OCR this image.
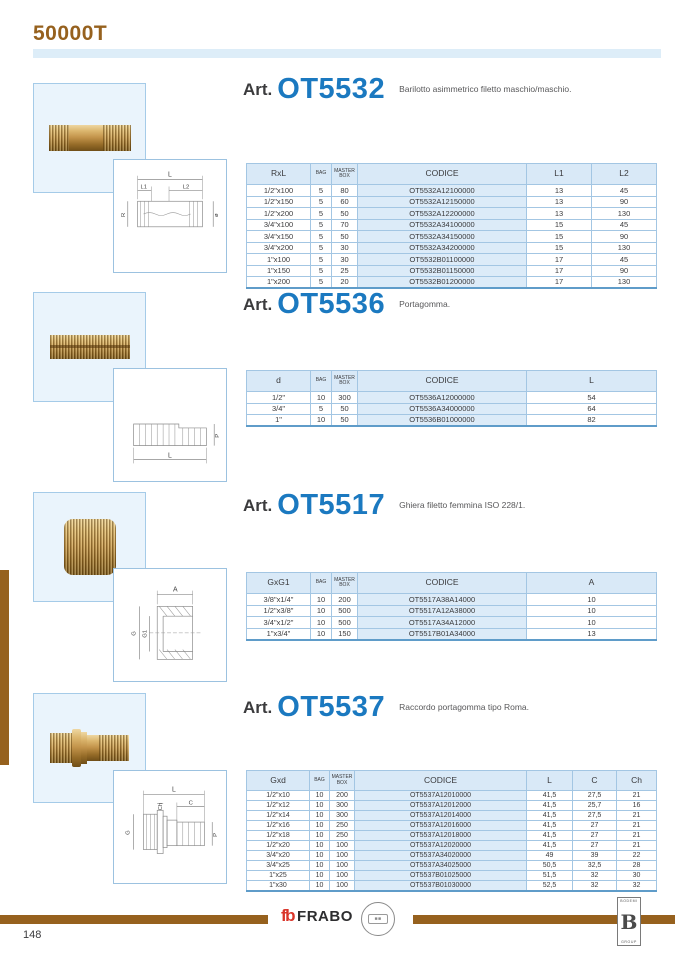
50000T
L
L1	L2
R	ø
Art. OT5532 Barilotto asimmetrico filetto maschio/maschio.
RxL	BAG	MASTER BOX	CODICE	L1	L2
1/2"x100	5	80	OT5532A12100000	13	45
1/2"x150	5	60	OT5532A12150000	13	90
1/2"x200	5	50	OT5532A12200000	13	130
3/4"x100	5	70	OT5532A34100000	15	45
3/4"x150	5	50	OT5532A34150000	15	90
3/4"x200	5	30	OT5532A34200000	15	130
1"x100	5	30	OT5532B01100000	17	45
1"x150	5	25	OT5532B01150000	17	90
1"x200	5	20	OT5532B01200000	17	130
L
P
Art. OT5536 Portagomma.
d	BAG	MASTER BOX	CODICE	L
1/2"	10	300	OT5536A12000000	54
3/4"	5	50	OT5536A34000000	64
1"	10	50	OT5536B01000000	82
A
G G1
Art. OT5517 Ghiera filetto femmina ISO 228/1.
GxG1	BAG	MASTER BOX	CODICE	A
3/8"x1/4"	10	200	OT5517A38A14000	10
1/2"x3/8"	10	500	OT5517A12A38000	10
3/4"x1/2"	10	500	OT5517A34A12000	10
1"x3/4"	10	150	OT5517B01A34000	13
L
Ch	C
G
P
Art. OT5537 Raccordo portagomma tipo Roma.
Gxd	BAG	MASTER BOX	CODICE	L	C	Ch
1/2"x10	10	200	OT5537A12010000	41,5	27,5	21
1/2"x12	10	300	OT5537A12012000	41,5	25,7	16
1/2"x14	10	300	OT5537A12014000	41,5	27,5	21
1/2"x16	10	250	OT5537A12016000	41,5	27	21
1/2"x18	10	250	OT5537A12018000	41,5	27	21
1/2"x20	10	100	OT5537A12020000	41,5	27	21
3/4"x20	10	100	OT5537A34020000	49	39	22
3/4"x25	10	100	OT5537A34025000	50,5	32,5	28
1"x25	10	100	OT5537B01025000	51,5	32	30
1"x30	10	100	OT5537B01030000	52,5	32	32
148
fb FRABO	■■
BODEMI
B
GROUP
